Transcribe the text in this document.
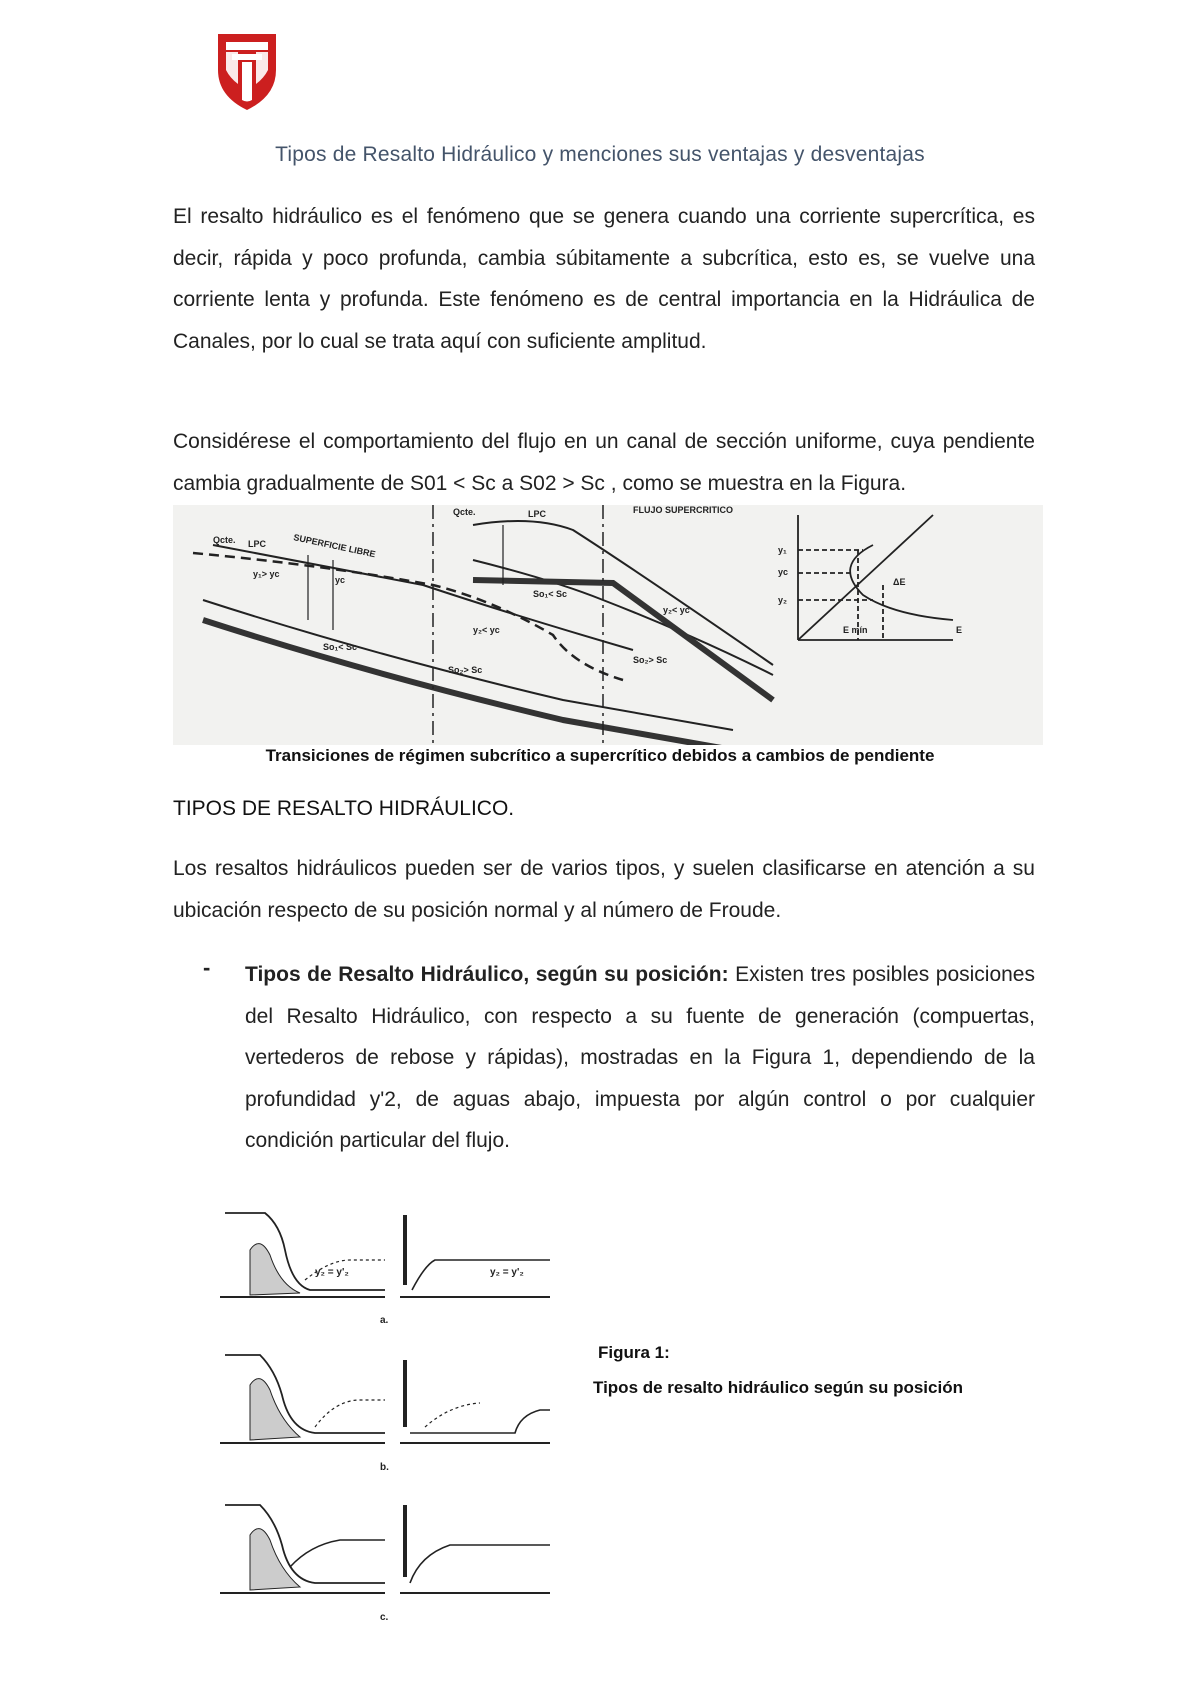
Tipos de Resalto Hidráulico y menciones sus ventajas y desventajas
El resalto hidráulico es el fenómeno que se genera cuando una corriente supercrítica, es decir, rápida y poco profunda, cambia súbitamente a subcrítica, esto es, se vuelve una corriente lenta y profunda. Este fenómeno es de central importancia en la Hidráulica de Canales, por lo cual se trata aquí con suficiente amplitud.
Considérese el comportamiento del flujo en un canal de sección uniforme, cuya pendiente cambia gradualmente de S01 < Sc a S02 > Sc , como se muestra en la Figura.
SUPERFICIE LIBRE
Qcte. LPC
y₁> yc
yc
So₁< Sc
So₂> Sc
y₂< yc
FLUJO SUPERCRITICO
Qcte.	LPC
So₁< Sc
So₂> Sc
y₂< yc
E
E mín
ΔE
y₁
yc
y₂
Transiciones de régimen subcrítico a supercrítico debidos a cambios de pendiente
TIPOS DE RESALTO HIDRÁULICO.
Los resaltos hidráulicos pueden ser de varios tipos, y suelen clasificarse en atención a su ubicación respecto de su posición normal y al número de Froude.
- Tipos de Resalto Hidráulico, según su posición: Existen tres posibles posiciones del Resalto Hidráulico, con respecto a su fuente de generación (compuertas, vertederos de rebose y rápidas), mostradas en la Figura 1, dependiendo de la profundidad y'2, de aguas abajo, impuesta por algún control o por cualquier condición particular del flujo.
a.
b.
c.
y₂ = y'₂	y₂ = y'₂
Figura 1:
Tipos de resalto hidráulico según su posición
